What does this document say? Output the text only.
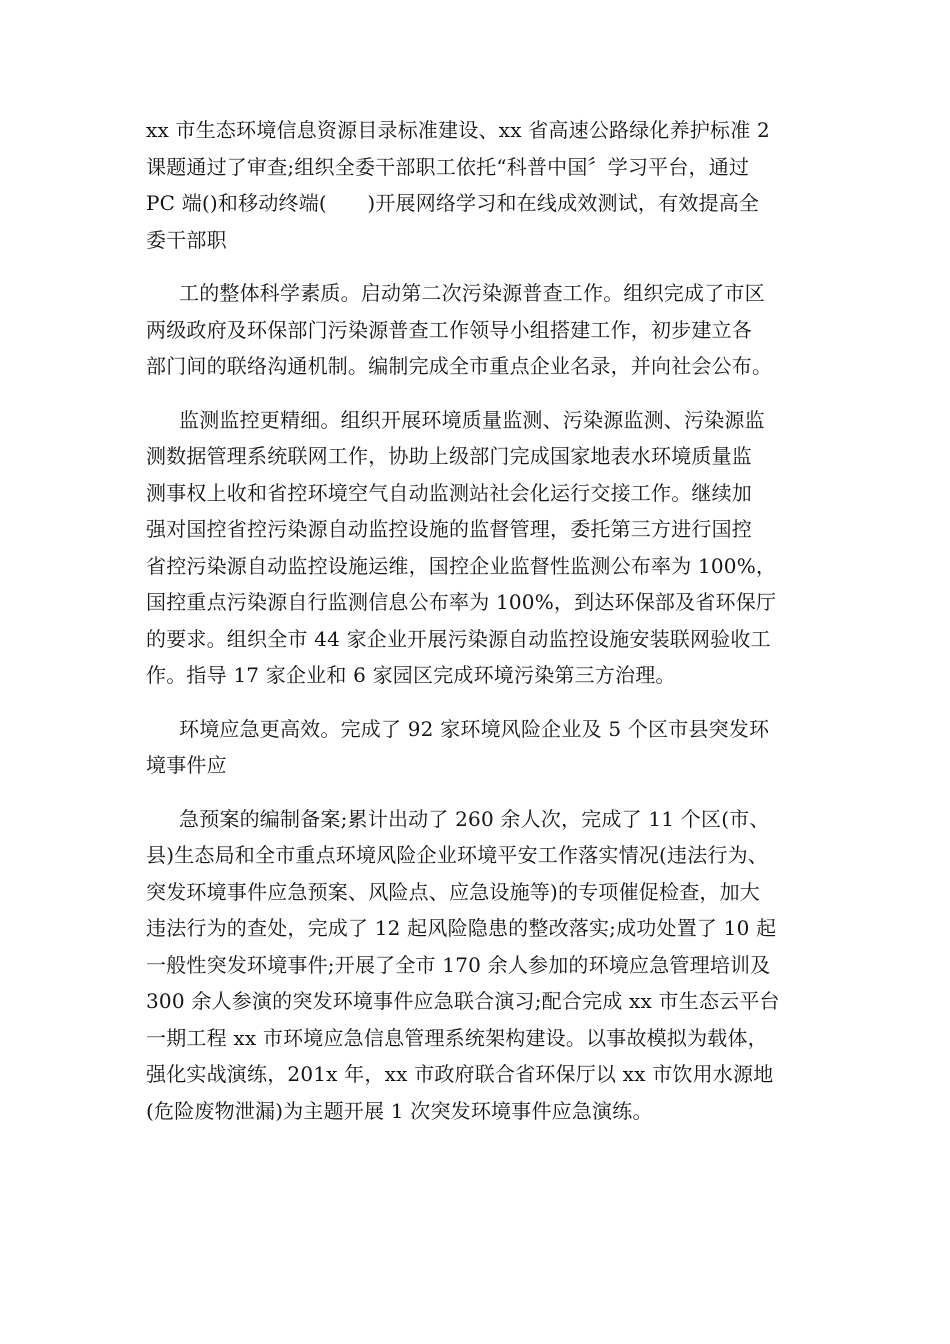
xx 市生态环境信息资源目录标准建设、xx 省高速公路绿化养护标准 2
课题通过了审查;组织全委干部职工依托“科普中国〞学习平台，通过
PC 端()和移动终端(　　)开展网络学习和在线成效测试，有效提高全
委干部职

工的整体科学素质。启动第二次污染源普查工作。组织完成了市区
两级政府及环保部门污染源普查工作领导小组搭建工作，初步建立各
部门间的联络沟通机制。编制完成全市重点企业名录，并向社会公布。

监测监控更精细。组织开展环境质量监测、污染源监测、污染源监
测数据管理系统联网工作，协助上级部门完成国家地表水环境质量监
测事权上收和省控环境空气自动监测站社会化运行交接工作。继续加
强对国控省控污染源自动监控设施的监督管理，委托第三方进行国控
省控污染源自动监控设施运维，国控企业监督性监测公布率为 100%，
国控重点污染源自行监测信息公布率为 100%，到达环保部及省环保厅
的要求。组织全市 44 家企业开展污染源自动监控设施安装联网验收工
作。指导 17 家企业和 6 家园区完成环境污染第三方治理。

环境应急更高效。完成了 92 家环境风险企业及 5 个区市县突发环
境事件应

急预案的编制备案;累计出动了 260 余人次，完成了 11 个区(市、
县)生态局和全市重点环境风险企业环境平安工作落实情况(违法行为、
突发环境事件应急预案、风险点、应急设施等)的专项催促检查，加大
违法行为的查处，完成了 12 起风险隐患的整改落实;成功处置了 10 起
一般性突发环境事件;开展了全市 170 余人参加的环境应急管理培训及
300 余人参演的突发环境事件应急联合演习;配合完成 xx 市生态云平台
一期工程 xx 市环境应急信息管理系统架构建设。以事故模拟为载体，
强化实战演练，201x 年，xx 市政府联合省环保厅以 xx 市饮用水源地
(危险废物泄漏)为主题开展 1 次突发环境事件应急演练。
